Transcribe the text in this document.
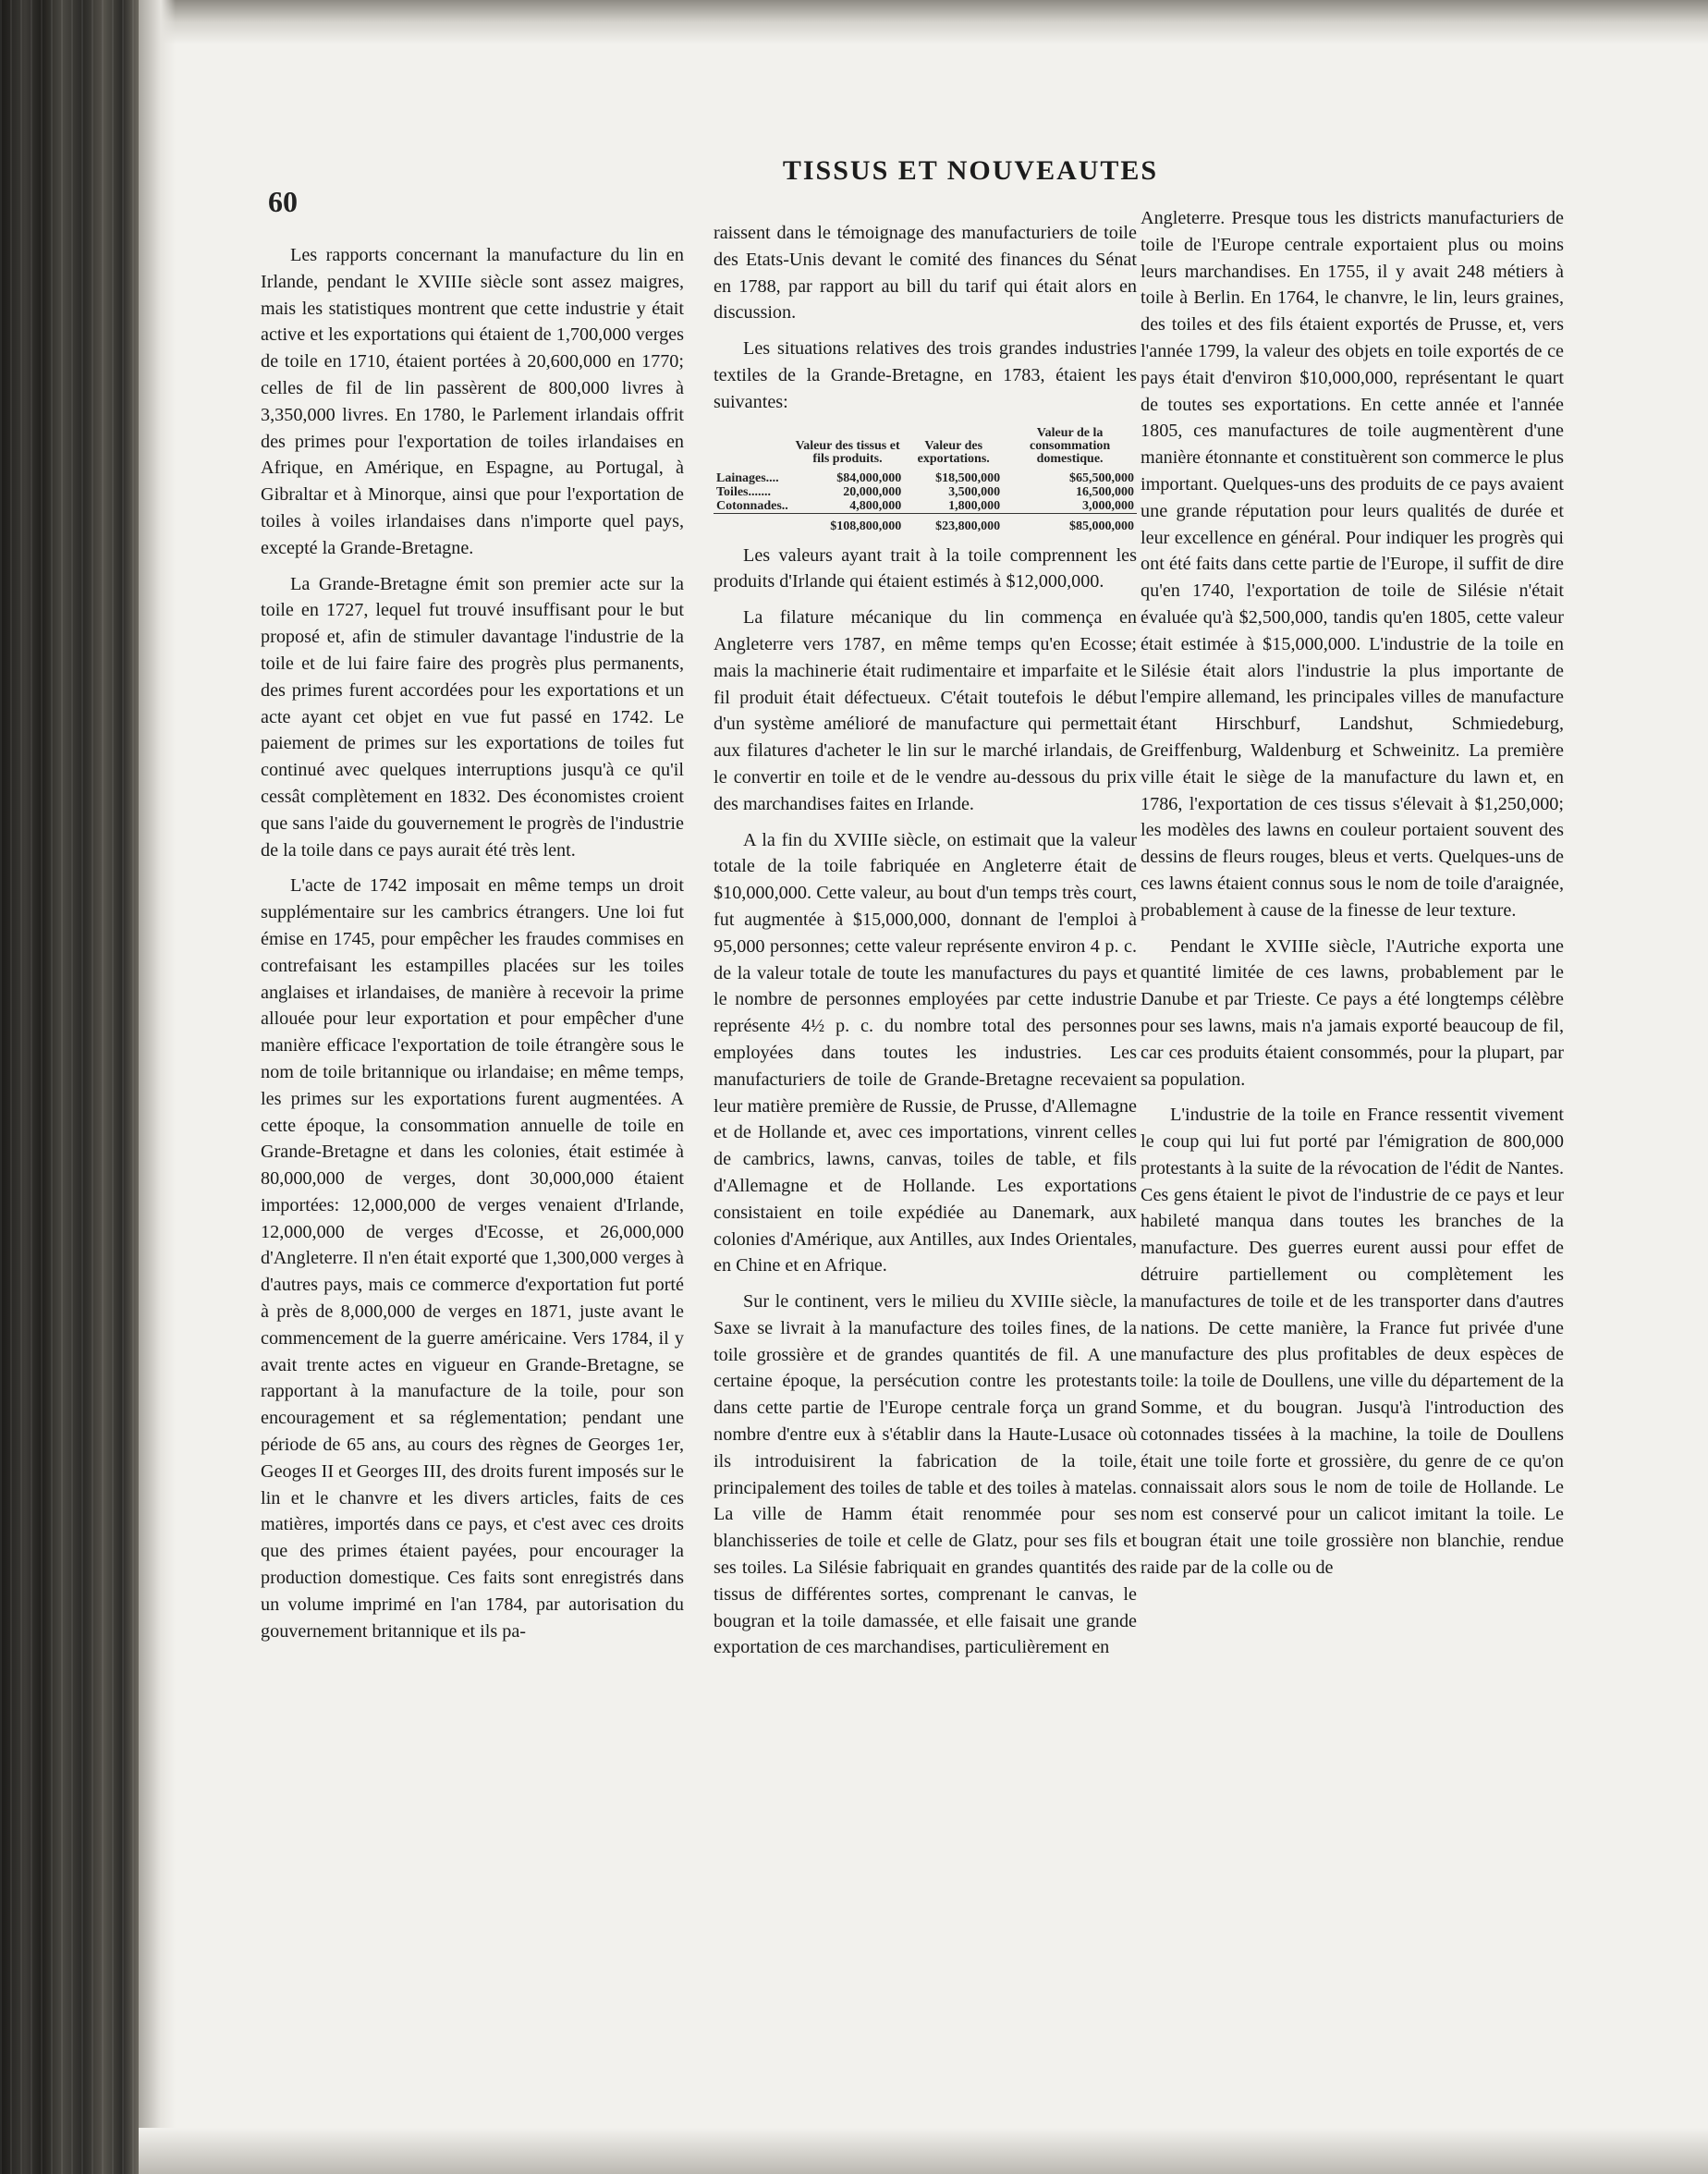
60
TISSUS ET NOUVEAUTES

Les rapports concernant la manufacture du lin en Irlande, pendant le XVIIIe siècle sont assez maigres, mais les statistiques montrent que cette industrie y était active et les exportations qui étaient de 1,700,000 verges de toile en 1710, étaient portées à 20,600,000 en 1770; celles de fil de lin passèrent de 800,000 livres à 3,350,000 livres. En 1780, le Parlement irlandais offrit des primes pour l'exportation de toiles irlandaises en Afrique, en Amérique, en Espagne, au Portugal, à Gibraltar et à Minorque, ainsi que pour l'exportation de toiles à voiles irlandaises dans n'importe quel pays, excepté la Grande-Bretagne.

La Grande-Bretagne émit son premier acte sur la toile en 1727, lequel fut trouvé insuffisant pour le but proposé et, afin de stimuler davantage l'industrie de la toile et de lui faire faire des progrès plus permanents, des primes furent accordées pour les exportations et un acte ayant cet objet en vue fut passé en 1742. Le paiement de primes sur les exportations de toiles fut continué avec quelques interruptions jusqu'à ce qu'il cessât complètement en 1832. Des économistes croient que sans l'aide du gouvernement le progrès de l'industrie de la toile dans ce pays aurait été très lent.

L'acte de 1742 imposait en même temps un droit supplémentaire sur les cambrics étrangers. Une loi fut émise en 1745, pour empêcher les fraudes commises en contrefaisant les estampilles placées sur les toiles anglaises et irlandaises, de manière à recevoir la prime allouée pour leur exportation et pour empêcher d'une manière efficace l'exportation de toile étrangère sous le nom de toile britannique ou irlandaise; en même temps, les primes sur les exportations furent augmentées. A cette époque, la consommation annuelle de toile en Grande-Bretagne et dans les colonies, était estimée à 80,000,000 de verges, dont 30,000,000 étaient importées: 12,000,000 de verges venaient d'Irlande, 12,000,000 de verges d'Ecosse, et 26,000,000 d'Angleterre. Il n'en était exporté que 1,300,000 verges à d'autres pays, mais ce commerce d'exportation fut porté à près de 8,000,000 de verges en 1871, juste avant le commencement de la guerre américaine. Vers 1784, il y avait trente actes en vigueur en Grande-Bretagne, se rapportant à la manufacture de la toile, pour son encouragement et sa réglementation; pendant une période de 65 ans, au cours des règnes de Georges 1er, Geoges II et Georges III, des droits furent imposés sur le lin et le chanvre et les divers articles, faits de ces matières, importés dans ce pays, et c'est avec ces droits que des primes étaient payées, pour encourager la production domestique. Ces faits sont enregistrés dans un volume imprimé en l'an 1784, par autorisation du gouvernement britannique et ils pa-

raissent dans le témoignage des manufacturiers de toile des Etats-Unis devant le comité des finances du Sénat en 1788, par rapport au bill du tarif qui était alors en discussion.

Les situations relatives des trois grandes industries textiles de la Grande-Bretagne, en 1783, étaient les suivantes:

	Valeur des tissus et fils produits.	Valeur des exportations.	Valeur de la consommation domestique.
Lainages....	$84,000,000	$18,500,000	$65,500,000
Toiles.......	20,000,000	3,500,000	16,500,000
Cotonnades..	4,800,000	1,800,000	3,000,000
	$108,800,000	$23,800,000	$85,000,000

Les valeurs ayant trait à la toile comprennent les produits d'Irlande qui étaient estimés à $12,000,000.

La filature mécanique du lin commença en Angleterre vers 1787, en même temps qu'en Ecosse; mais la machinerie était rudimentaire et imparfaite et le fil produit était défectueux. C'était toutefois le début d'un système amélioré de manufacture qui permettait aux filatures d'acheter le lin sur le marché irlandais, de le convertir en toile et de le vendre au-dessous du prix des marchandises faites en Irlande.

A la fin du XVIIIe siècle, on estimait que la valeur totale de la toile fabriquée en Angleterre était de $10,000,000. Cette valeur, au bout d'un temps très court, fut augmentée à $15,000,000, donnant de l'emploi à 95,000 personnes; cette valeur représente environ 4 p. c. de la valeur totale de toute les manufactures du pays et le nombre de personnes employées par cette industrie représente 4½ p. c. du nombre total des personnes employées dans toutes les industries. Les manufacturiers de toile de Grande-Bretagne recevaient leur matière première de Russie, de Prusse, d'Allemagne et de Hollande et, avec ces importations, vinrent celles de cambrics, lawns, canvas, toiles de table, et fils d'Allemagne et de Hollande. Les exportations consistaient en toile expédiée au Danemark, aux colonies d'Amérique, aux Antilles, aux Indes Orientales, en Chine et en Afrique.

Sur le continent, vers le milieu du XVIIIe siècle, la Saxe se livrait à la manufacture des toiles fines, de la toile grossière et de grandes quantités de fil. A une certaine époque, la persécution contre les protestants dans cette partie de l'Europe centrale força un grand nombre d'entre eux à s'établir dans la Haute-Lusace où ils introduisirent la fabrication de la toile, principalement des toiles de table et des toiles à matelas. La ville de Hamm était renommée pour ses blanchisseries de toile et celle de Glatz, pour ses fils et ses toiles. La Silésie fabriquait en grandes quantités des tissus de différentes sortes, comprenant le canvas, le bougran et la toile damassée, et elle faisait une grande exportation de ces marchandises, particulièrement en

Angleterre. Presque tous les districts manufacturiers de toile de l'Europe centrale exportaient plus ou moins leurs marchandises. En 1755, il y avait 248 métiers à toile à Berlin. En 1764, le chanvre, le lin, leurs graines, des toiles et des fils étaient exportés de Prusse, et, vers l'année 1799, la valeur des objets en toile exportés de ce pays était d'environ $10,000,000, représentant le quart de toutes ses exportations. En cette année et l'année 1805, ces manufactures de toile augmentèrent d'une manière étonnante et constituèrent son commerce le plus important. Quelques-uns des produits de ce pays avaient une grande réputation pour leurs qualités de durée et leur excellence en général. Pour indiquer les progrès qui ont été faits dans cette partie de l'Europe, il suffit de dire qu'en 1740, l'exportation de toile de Silésie n'était évaluée qu'à $2,500,000, tandis qu'en 1805, cette valeur était estimée à $15,000,000. L'industrie de la toile en Silésie était alors l'industrie la plus importante de l'empire allemand, les principales villes de manufacture étant Hirschburf, Landshut, Schmiedeburg, Greiffenburg, Waldenburg et Schweinitz. La première ville était le siège de la manufacture du lawn et, en 1786, l'exportation de ces tissus s'élevait à $1,250,000; les modèles des lawns en couleur portaient souvent des dessins de fleurs rouges, bleus et verts. Quelques-uns de ces lawns étaient connus sous le nom de toile d'araignée, probablement à cause de la finesse de leur texture.

Pendant le XVIIIe siècle, l'Autriche exporta une quantité limitée de ces lawns, probablement par le Danube et par Trieste. Ce pays a été longtemps célèbre pour ses lawns, mais n'a jamais exporté beaucoup de fil, car ces produits étaient consommés, pour la plupart, par sa population.

L'industrie de la toile en France ressentit vivement le coup qui lui fut porté par l'émigration de 800,000 protestants à la suite de la révocation de l'édit de Nantes. Ces gens étaient le pivot de l'industrie de ce pays et leur habileté manqua dans toutes les branches de la manufacture. Des guerres eurent aussi pour effet de détruire partiellement ou complètement les manufactures de toile et de les transporter dans d'autres nations. De cette manière, la France fut privée d'une manufacture des plus profitables de deux espèces de toile: la toile de Doullens, une ville du département de la Somme, et du bougran. Jusqu'à l'introduction des cotonnades tissées à la machine, la toile de Doullens était une toile forte et grossière, du genre de ce qu'on connaissait alors sous le nom de toile de Hollande. Le nom est conservé pour un calicot imitant la toile. Le bougran était une toile grossière non blanchie, rendue raide par de la colle ou de
